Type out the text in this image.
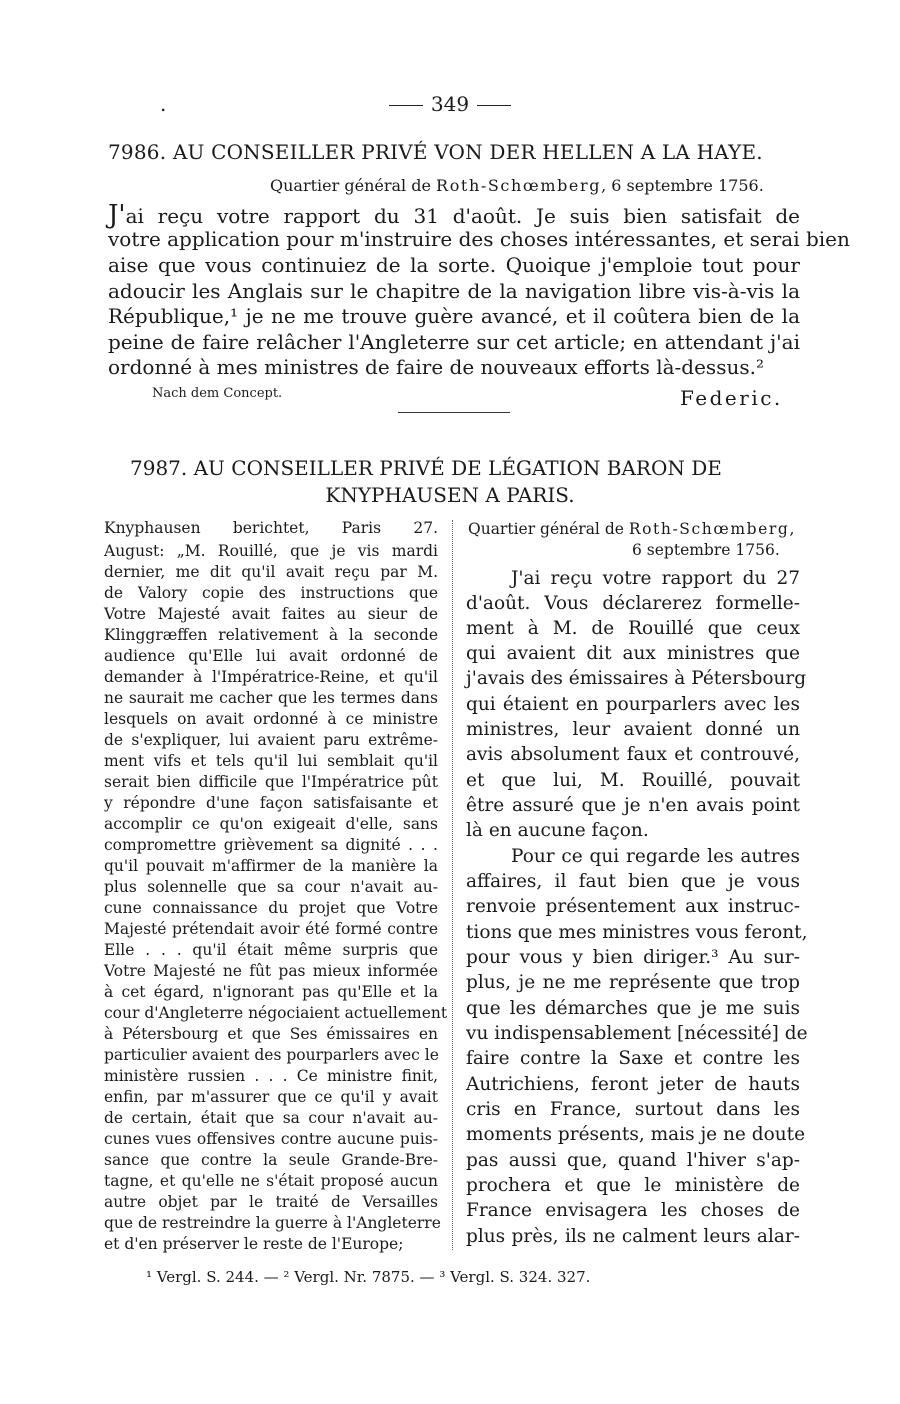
.	349
7986. AU CONSEILLER PRIVÉ VON DER HELLEN A LA HAYE.
Quartier général de Roth-Schœmberg, 6 septembre 1756.
J'ai reçu votre rapport du 31 d'août. Je suis bien satisfait de
votre application pour m'instruire des choses intéressantes, et serai bien
aise que vous continuiez de la sorte. Quoique j'emploie tout pour
adoucir les Anglais sur le chapitre de la navigation libre vis-à-vis la
République,¹ je ne me trouve guère avancé, et il coûtera bien de la
peine de faire relâcher l'Angleterre sur cet article; en attendant j'ai
ordonné à mes ministres de faire de nouveaux efforts là-dessus.²
Nach dem Concept.	Federic.
7987. AU CONSEILLER PRIVÉ DE LÉGATION BARON DE
KNYPHAUSEN A PARIS.
Knyphausen berichtet, Paris 27.
August: „M. Rouillé, que je vis mardi
dernier, me dit qu'il avait reçu par M.
de Valory copie des instructions que
Votre Majesté avait faites au sieur de
Klinggræffen relativement à la seconde
audience qu'Elle lui avait ordonné de
demander à l'Impératrice-Reine, et qu'il
ne saurait me cacher que les termes dans
lesquels on avait ordonné à ce ministre
de s'expliquer, lui avaient paru extrême-
ment vifs et tels qu'il lui semblait qu'il
serait bien difficile que l'Impératrice pût
y répondre d'une façon satisfaisante et
accomplir ce qu'on exigeait d'elle, sans
compromettre grièvement sa dignité . . .
qu'il pouvait m'affirmer de la manière la
plus solennelle que sa cour n'avait au-
cune connaissance du projet que Votre
Majesté prétendait avoir été formé contre
Elle . . . qu'il était même surpris que
Votre Majesté ne fût pas mieux informée
à cet égard, n'ignorant pas qu'Elle et la
cour d'Angleterre négociaient actuellement
à Pétersbourg et que Ses émissaires en
particulier avaient des pourparlers avec le
ministère russien . . . Ce ministre finit,
enfin, par m'assurer que ce qu'il y avait
de certain, était que sa cour n'avait au-
cunes vues offensives contre aucune puis-
sance que contre la seule Grande-Bre-
tagne, et qu'elle ne s'était proposé aucun
autre objet par le traité de Versailles
que de restreindre la guerre à l'Angleterre
et d'en préserver le reste de l'Europe;
Quartier général de Roth-Schœmberg,
6 septembre 1756.
J'ai reçu votre rapport du 27
d'août. Vous déclarerez formelle-
ment à M. de Rouillé que ceux
qui avaient dit aux ministres que
j'avais des émissaires à Pétersbourg
qui étaient en pourparlers avec les
ministres, leur avaient donné un
avis absolument faux et controuvé,
et que lui, M. Rouillé, pouvait
être assuré que je n'en avais point
là en aucune façon.
Pour ce qui regarde les autres
affaires, il faut bien que je vous
renvoie présentement aux instruc-
tions que mes ministres vous feront,
pour vous y bien diriger.³ Au sur-
plus, je ne me représente que trop
que les démarches que je me suis
vu indispensablement [nécessité] de
faire contre la Saxe et contre les
Autrichiens, feront jeter de hauts
cris en France, surtout dans les
moments présents, mais je ne doute
pas aussi que, quand l'hiver s'ap-
prochera et que le ministère de
France envisagera les choses de
plus près, ils ne calment leurs alar-
¹ Vergl. S. 244. — ² Vergl. Nr. 7875. — ³ Vergl. S. 324. 327.
